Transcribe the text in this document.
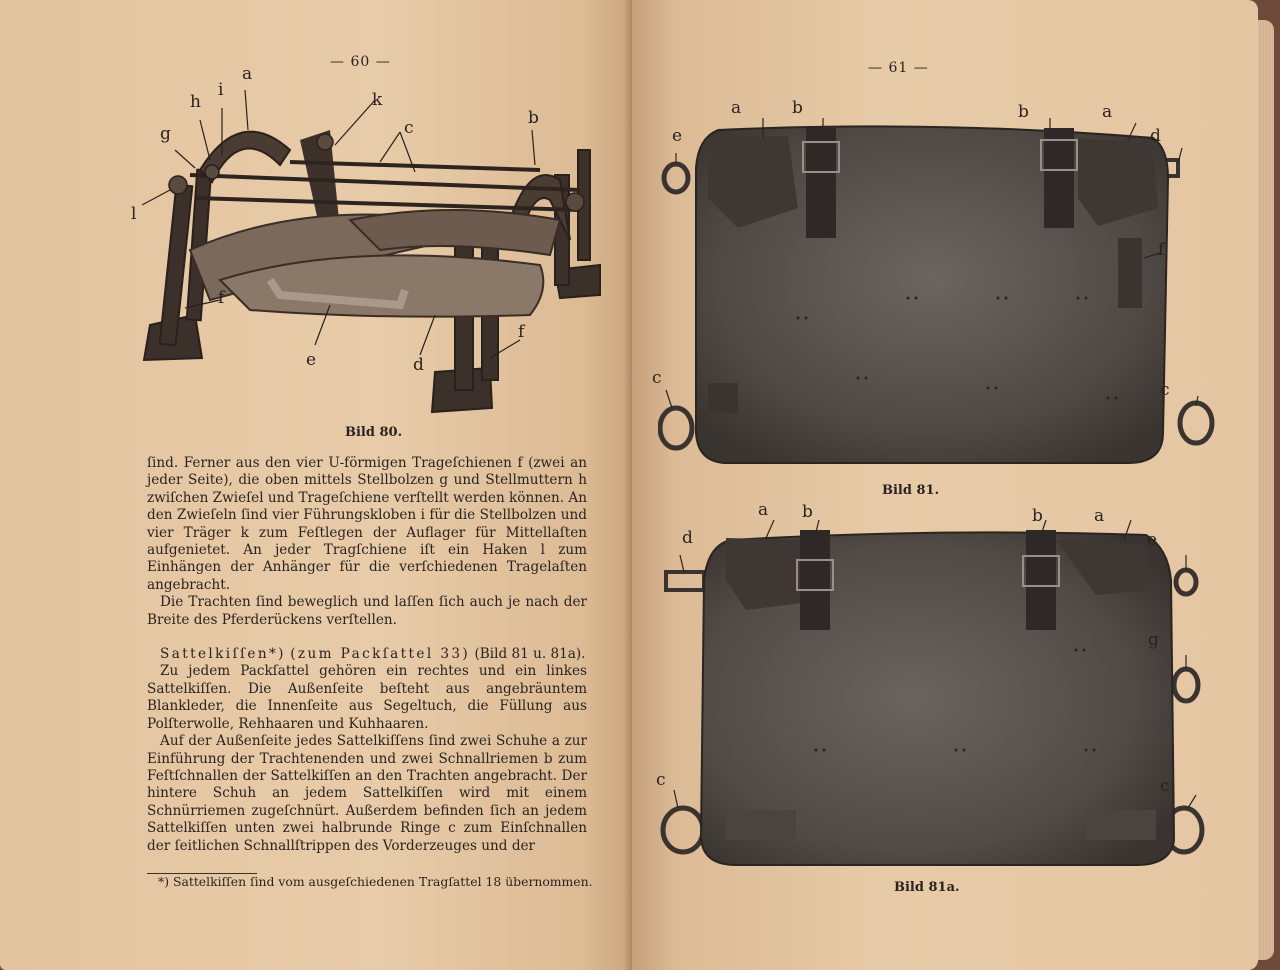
— 60 —
a
h
i	k
g	c	b
l
f
f
e	d
Bild 80.

ſind. Ferner aus den vier U-förmigen Trageſchienen f (zwei an jeder Seite), die oben mittels Stellbolzen g und Stellmuttern h zwiſchen Zwieſel und Trageſchiene verſtellt werden können. An den Zwieſeln ſind vier Führungskloben i für die Stellbolzen und vier Träger k zum Feſtlegen der Auflager für Mittellaſten aufgenietet. An jeder Tragſchiene iſt ein Haken l zum Einhängen der Anhänger für die verſchiedenen Tragelaſten angebracht.

Die Trachten ſind beweglich und laſſen ſich auch je nach der Breite des Pferderückens verſtellen.

Sattelkiſſen*) (zum Packſattel 33) (Bild 81 u. 81a).

Zu jedem Packſattel gehören ein rechtes und ein linkes Sattelkiſſen. Die Außenſeite beſteht aus angebräuntem Blankleder, die Innenſeite aus Segeltuch, die Füllung aus Polſterwolle, Rehhaaren und Kuhhaaren.

Auf der Außenſeite jedes Sattelkiſſens ſind zwei Schuhe a zur Einführung der Trachtenenden und zwei Schnallriemen b zum Feſtſchnallen der Sattelkiſſen an den Trachten angebracht. Der hintere Schuh an jedem Sattelkiſſen wird mit einem Schnürriemen zugeſchnürt. Außerdem befinden ſich an jedem Sattelkiſſen unten zwei halbrunde Ringe c zum Einſchnallen der ſeitlichen Schnallſtrippen des Vorderzeuges und der

*) Sattelkiſſen ſind vom ausgeſchiedenen Tragſattel 18 übernommen.
— 61 —
e
a	b	b	a
d
f
c
c
Bild 81.
d
a b	b	a
e
g
c	c
Bild 81a.
